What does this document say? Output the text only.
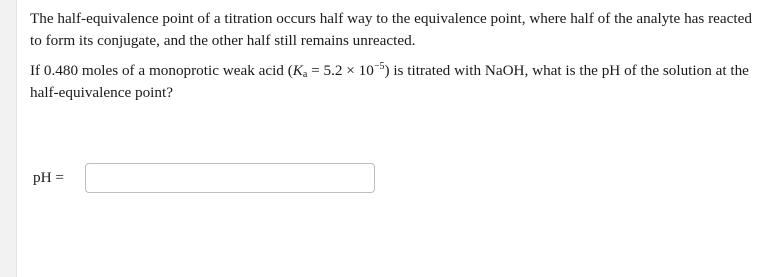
The half-equivalence point of a titration occurs half way to the equivalence point, where half of the analyte has reacted to form its conjugate, and the other half still remains unreacted.

If 0.480 moles of a monoprotic weak acid $(K_a = 5.2 \times 10^{-5})$ is titrated with NaOH, what is the pH of the solution at the half-equivalence point?

pH =
